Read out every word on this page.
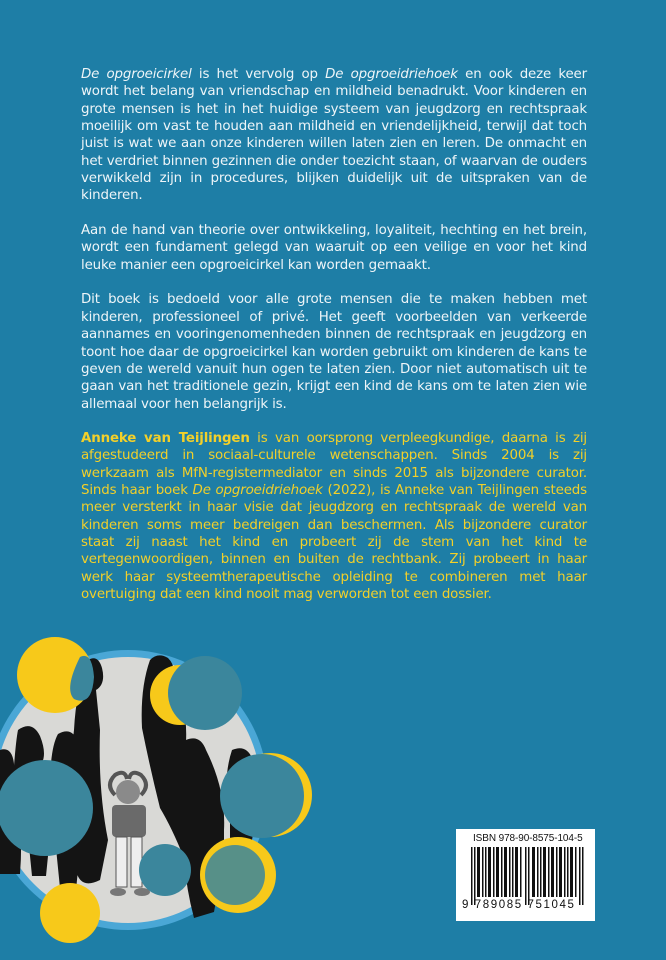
De opgroeicirkel is het vervolg op De opgroeidriehoek en ook deze keer wordt het belang van vriendschap en mildheid benadrukt. Voor kinderen en grote mensen is het in het huidige systeem van jeugdzorg en rechtspraak moeilijk om vast te houden aan mildheid en vriendelijkheid, terwijl dat toch juist is wat we aan onze kinderen willen laten zien en leren. De onmacht en het verdriet binnen gezinnen die onder toezicht staan, of waarvan de ouders verwikkeld zijn in procedures, blijken duidelijk uit de uitspraken van de kinderen.

Aan de hand van theorie over ontwikkeling, loyaliteit, hechting en het brein, wordt een fundament gelegd van waaruit op een veilige en voor het kind leuke manier een opgroeicirkel kan worden gemaakt.

Dit boek is bedoeld voor alle grote mensen die te maken hebben met kinderen, professioneel of privé. Het geeft voorbeelden van verkeerde aannames en vooringenomenheden binnen de rechtspraak en jeugdzorg en toont hoe daar de opgroeicirkel kan worden gebruikt om kinderen de kans te geven de wereld vanuit hun ogen te laten zien. Door niet automatisch uit te gaan van het traditionele gezin, krijgt een kind de kans om te laten zien wie allemaal voor hen belangrijk is.

Anneke van Teijlingen is van oorsprong verpleegkundige, daarna is zij afgestudeerd in sociaal-culturele wetenschappen. Sinds 2004 is zij werkzaam als MfN-registermediator en sinds 2015 als bijzondere curator. Sinds haar boek De opgroeidriehoek (2022), is Anneke van Teijlingen steeds meer versterkt in haar visie dat jeugdzorg en rechtspraak de wereld van kinderen soms meer bedreigen dan beschermen. Als bijzondere curator staat zij naast het kind en probeert zij de stem van het kind te vertegenwoordigen, binnen en buiten de rechtbank. Zij probeert in haar werk haar systeemtherapeutische opleiding te combineren met haar overtuiging dat een kind nooit mag verworden tot een dossier.

ISBN 978-90-8575-104-5
9 789085 751045
